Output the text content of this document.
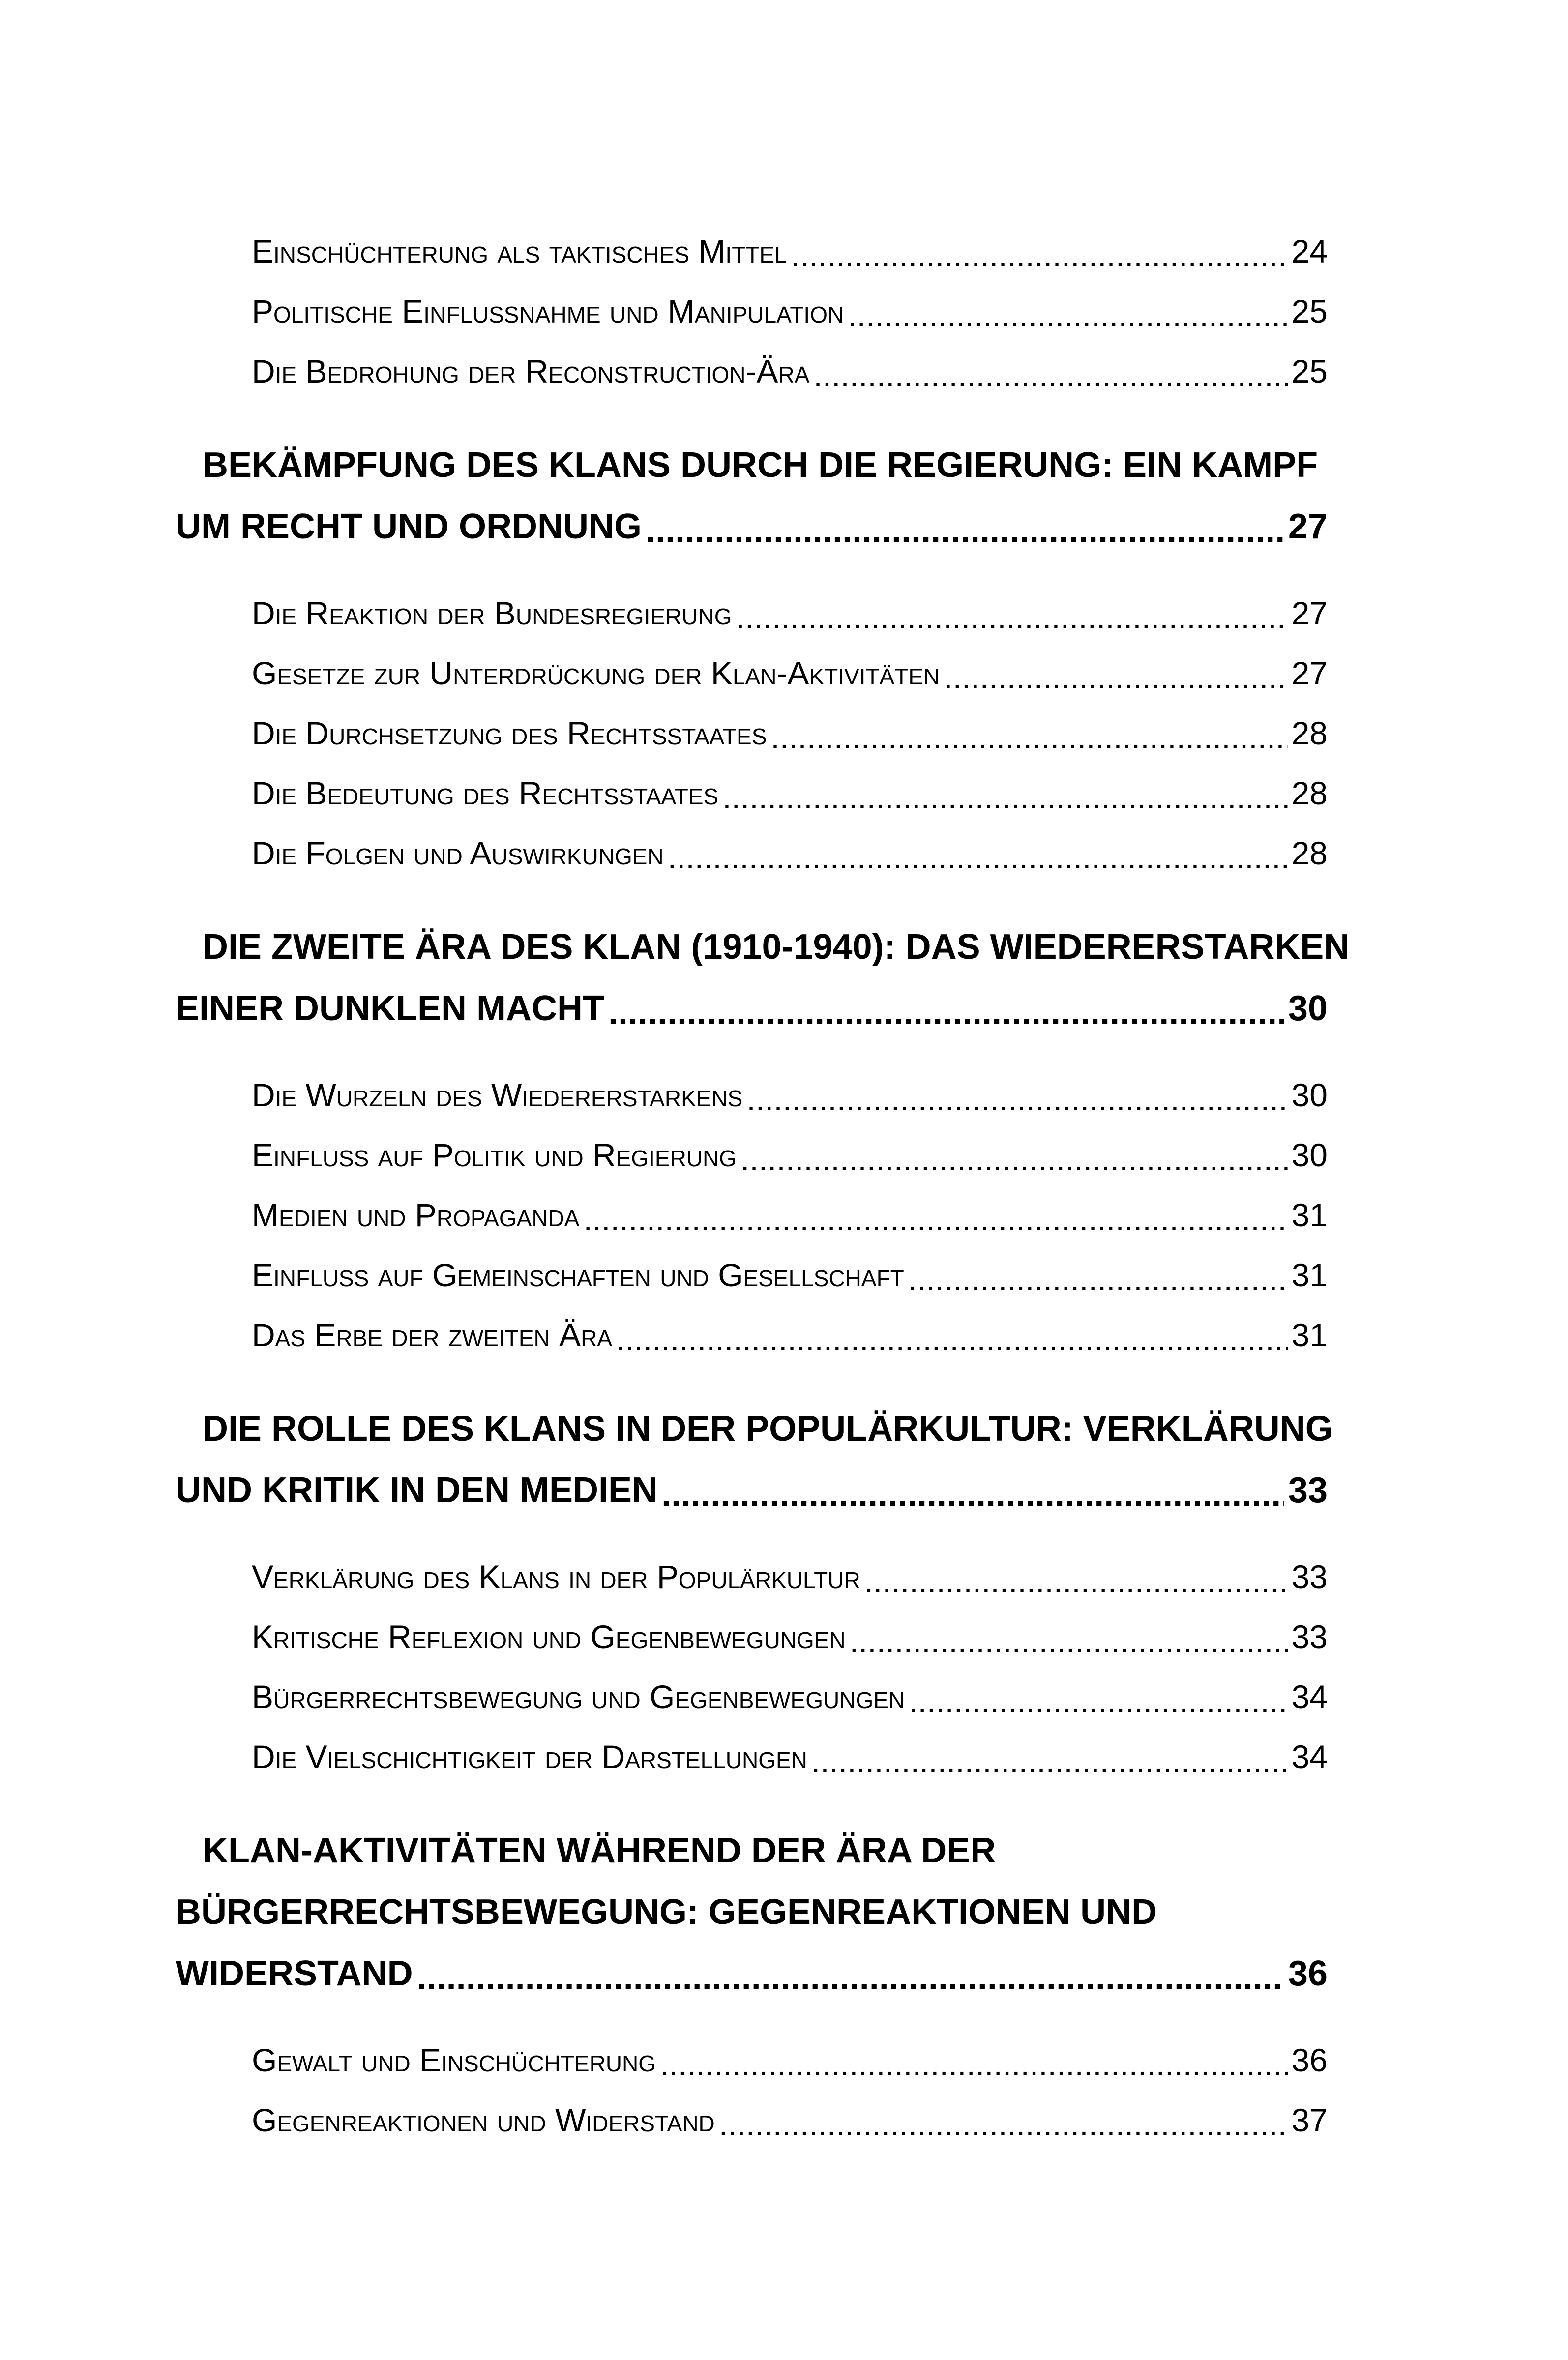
Einschüchterung als taktisches Mittel .....	24
Politische Einflussnahme und Manipulation .....	25
Die Bedrohung der Reconstruction-Ära .....	25
BEKÄMPFUNG DES KLANS DURCH DIE REGIERUNG: EIN KAMPF
UM RECHT UND ORDNUNG .....	27
Die Reaktion der Bundesregierung .....	27
Gesetze zur Unterdrückung der Klan-Aktivitäten .....	27
Die Durchsetzung des Rechtsstaates .....	28
Die Bedeutung des Rechtsstaates .....	28
Die Folgen und Auswirkungen .....	28
DIE ZWEITE ÄRA DES KLAN (1910-1940): DAS WIEDERERSTARKEN
EINER DUNKLEN MACHT .....	30
Die Wurzeln des Wiedererstarkens .....	30
Einfluss auf Politik und Regierung .....	30
Medien und Propaganda .....	31
Einfluss auf Gemeinschaften und Gesellschaft .....	31
Das Erbe der zweiten Ära .....	31
DIE ROLLE DES KLANS IN DER POPULÄRKULTUR: VERKLÄRUNG
UND KRITIK IN DEN MEDIEN .....	33
Verklärung des Klans in der Populärkultur .....	33
Kritische Reflexion und Gegenbewegungen .....	33
Bürgerrechtsbewegung und Gegenbewegungen .....	34
Die Vielschichtigkeit der Darstellungen .....	34
KLAN-AKTIVITÄTEN WÄHREND DER ÄRA DER
BÜRGERRECHTSBEWEGUNG: GEGENREAKTIONEN UND
WIDERSTAND .....	36
Gewalt und Einschüchterung .....	36
Gegenreaktionen und Widerstand .....	37
